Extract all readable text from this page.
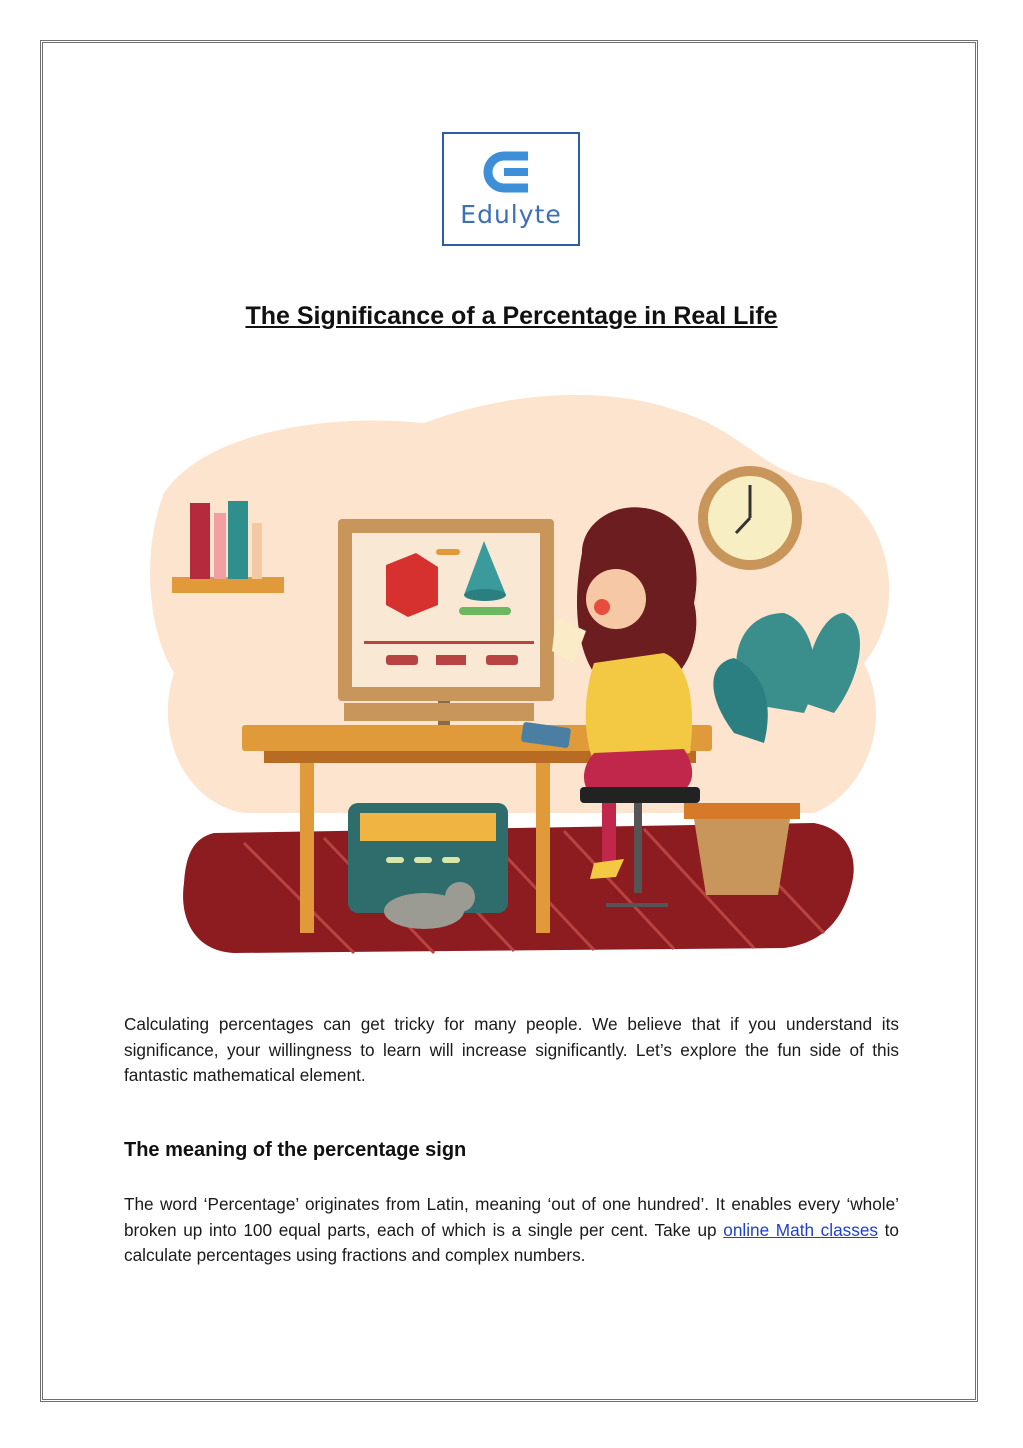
Edulyte
The Significance of a Percentage in Real Life

Calculating percentages can get tricky for many people. We believe that if you understand its significance, your willingness to learn will increase significantly. Let’s explore the fun side of this fantastic mathematical element.

The meaning of the percentage sign

The word ‘Percentage’ originates from Latin, meaning ‘out of one hundred’. It enables every ‘whole’ broken up into 100 equal parts, each of which is a single per cent. Take up online Math classes to calculate percentages using fractions and complex numbers.
